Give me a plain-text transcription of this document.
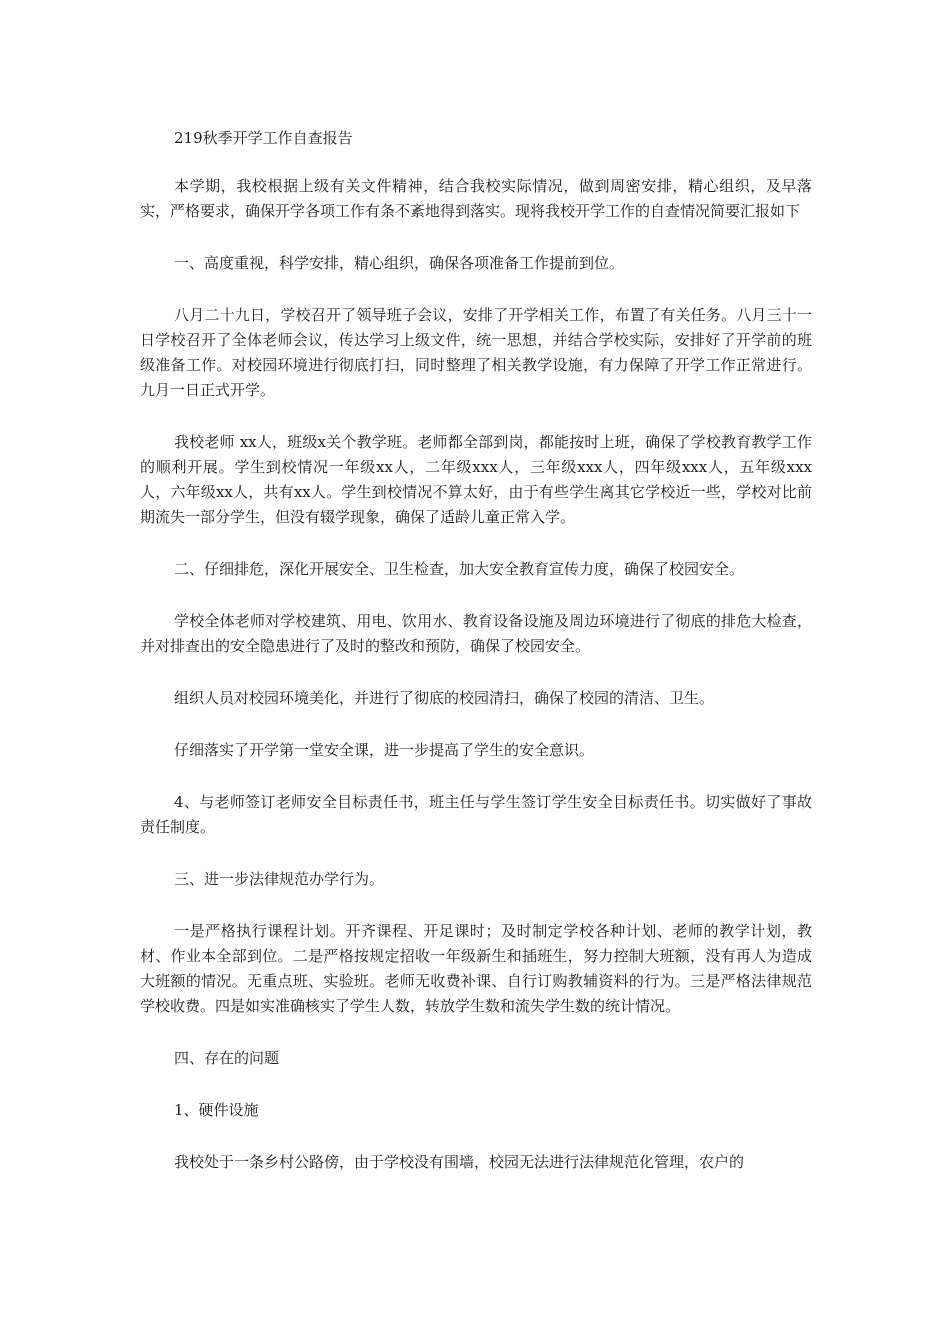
219秋季开学工作自查报告

本学期，我校根据上级有关文件精神，结合我校实际情况，做到周密安排，精心组织，及早落实，严格要求，确保开学各项工作有条不紊地得到落实。现将我校开学工作的自查情况简要汇报如下

一、高度重视，科学安排，精心组织，确保各项准备工作提前到位。

八月二十九日，学校召开了领导班子会议，安排了开学相关工作，布置了有关任务。八月三十一日学校召开了全体老师会议，传达学习上级文件，统一思想，并结合学校实际，安排好了开学前的班级准备工作。对校园环境进行彻底打扫，同时整理了相关教学设施，有力保障了开学工作正常进行。九月一日正式开学。

我校老师 xx人，班级x关个教学班。老师都全部到岗，都能按时上班，确保了学校教育教学工作的顺利开展。学生到校情况一年级xx人，二年级xxx人，三年级xxx人，四年级xxx人，五年级xxx人，六年级xx人，共有xx人。学生到校情况不算太好，由于有些学生离其它学校近一些，学校对比前期流失一部分学生，但没有辍学现象，确保了适龄儿童正常入学。

二、仔细排危，深化开展安全、卫生检查，加大安全教育宣传力度，确保了校园安全。

学校全体老师对学校建筑、用电、饮用水、教育设备设施及周边环境进行了彻底的排危大检查，并对排查出的安全隐患进行了及时的整改和预防，确保了校园安全。

组织人员对校园环境美化，并进行了彻底的校园清扫，确保了校园的清洁、卫生。

仔细落实了开学第一堂安全课，进一步提高了学生的安全意识。

4、与老师签订老师安全目标责任书，班主任与学生签订学生安全目标责任书。切实做好了事故责任制度。

三、进一步法律规范办学行为。

一是严格执行课程计划。开齐课程、开足课时；及时制定学校各种计划、老师的教学计划，教材、作业本全部到位。二是严格按规定招收一年级新生和插班生，努力控制大班额，没有再人为造成大班额的情况。无重点班、实验班。老师无收费补课、自行订购教辅资料的行为。三是严格法律规范学校收费。四是如实准确核实了学生人数，转放学生数和流失学生数的统计情况。

四、存在的问题

1、硬件设施

我校处于一条乡村公路傍，由于学校没有围墙，校园无法进行法律规范化管理，农户的
